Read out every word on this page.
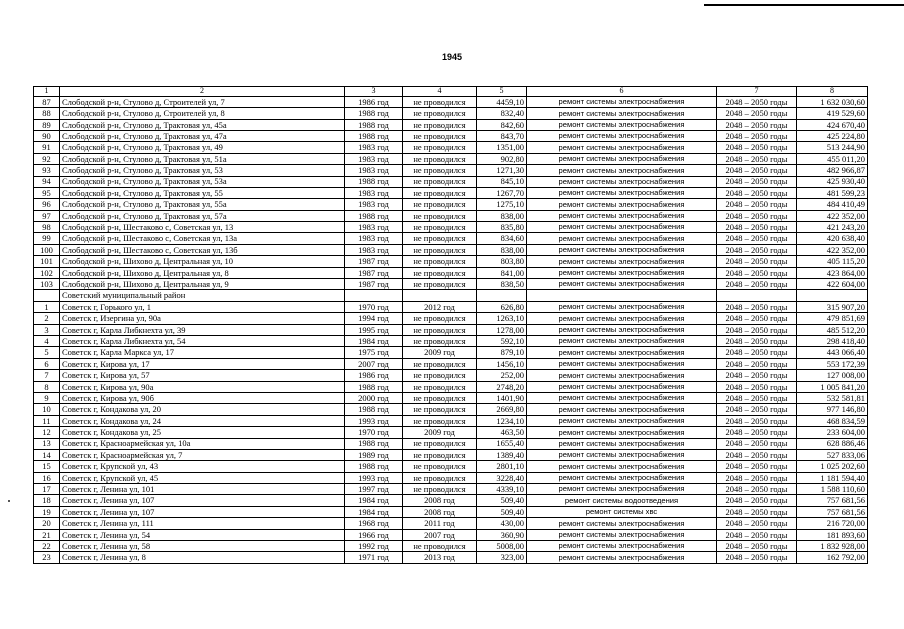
1945
1	2	3	4	5	6	7	8
87	Слободской р-н, Стулово д, Строителей ул, 7	1986 год	не проводился	4459,10	ремонт системы электроснабжения	2048 – 2050 годы	1 632 030,60
88	Слободской р-н, Стулово д, Строителей ул, 8	1988 год	не проводился	832,40	ремонт системы электроснабжения	2048 – 2050 годы	419 529,60
89	Слободской р-н, Стулово д, Трактовая ул, 45а	1988 год	не проводился	842,60	ремонт системы электроснабжения	2048 – 2050 годы	424 670,40
90	Слободской р-н, Стулово д, Трактовая ул, 47а	1988 год	не проводился	843,70	ремонт системы электроснабжения	2048 – 2050 годы	425 224,80
91	Слободской р-н, Стулово д, Трактовая ул, 49	1983 год	не проводился	1351,00	ремонт системы электроснабжения	2048 – 2050 годы	513 244,90
92	Слободской р-н, Стулово д, Трактовая ул, 51а	1983 год	не проводился	902,80	ремонт системы электроснабжения	2048 – 2050 годы	455 011,20
93	Слободской р-н, Стулово д, Трактовая ул, 53	1983 год	не проводился	1271,30	ремонт системы электроснабжения	2048 – 2050 годы	482 966,87
94	Слободской р-н, Стулово д, Трактовая ул, 53а	1988 год	не проводился	845,10	ремонт системы электроснабжения	2048 – 2050 годы	425 930,40
95	Слободской р-н, Стулово д, Трактовая ул, 55	1983 год	не проводился	1267,70	ремонт системы электроснабжения	2048 – 2050 годы	481 599,23
96	Слободской р-н, Стулово д, Трактовая ул, 55а	1983 год	не проводился	1275,10	ремонт системы электроснабжения	2048 – 2050 годы	484 410,49
97	Слободской р-н, Стулово д, Трактовая ул, 57а	1988 год	не проводился	838,00	ремонт системы электроснабжения	2048 – 2050 годы	422 352,00
98	Слободской р-н, Шестаково с, Советская ул, 13	1983 год	не проводился	835,80	ремонт системы электроснабжения	2048 – 2050 годы	421 243,20
99	Слободской р-н, Шестаково с, Советская ул, 13а	1983 год	не проводился	834,60	ремонт системы электроснабжения	2048 – 2050 годы	420 638,40
100	Слободской р-н, Шестаково с, Советская ул, 13б	1983 год	не проводился	838,00	ремонт системы электроснабжения	2048 – 2050 годы	422 352,00
101	Слободской р-н, Шихово д, Центральная ул, 10	1987 год	не проводился	803,80	ремонт системы электроснабжения	2048 – 2050 годы	405 115,20
102	Слободской р-н, Шихово д, Центральная ул, 8	1987 год	не проводился	841,00	ремонт системы электроснабжения	2048 – 2050 годы	423 864,00
103	Слободской р-н, Шихово д, Центральная ул, 9	1987 год	не проводился	838,50	ремонт системы электроснабжения	2048 – 2050 годы	422 604,00
	Советский муниципальный район						
1	Советск г, Горького ул, 1	1970 год	2012 год	626,80	ремонт системы электроснабжения	2048 – 2050 годы	315 907,20
2	Советск г, Изергина ул, 90а	1994 год	не проводился	1263,10	ремонт системы электроснабжения	2048 – 2050 годы	479 851,69
3	Советск г, Карла Либкнехта ул, 39	1995 год	не проводился	1278,00	ремонт системы электроснабжения	2048 – 2050 годы	485 512,20
4	Советск г, Карла Либкнехта ул, 54	1984 год	не проводился	592,10	ремонт системы электроснабжения	2048 – 2050 годы	298 418,40
5	Советск г, Карла Маркса ул, 17	1975 год	2009 год	879,10	ремонт системы электроснабжения	2048 – 2050 годы	443 066,40
6	Советск г, Кирова ул, 17	2007 год	не проводился	1456,10	ремонт системы электроснабжения	2048 – 2050 годы	553 172,39
7	Советск г, Кирова ул, 57	1986 год	не проводился	252,00	ремонт системы электроснабжения	2048 – 2050 годы	127 008,00
8	Советск г, Кирова ул, 90а	1988 год	не проводился	2748,20	ремонт системы электроснабжения	2048 – 2050 годы	1 005 841,20
9	Советск г, Кирова ул, 90б	2000 год	не проводился	1401,90	ремонт системы электроснабжения	2048 – 2050 годы	532 581,81
10	Советск г, Кондакова ул, 20	1988 год	не проводился	2669,80	ремонт системы электроснабжения	2048 – 2050 годы	977 146,80
11	Советск г, Кондакова ул, 24	1993 год	не проводился	1234,10	ремонт системы электроснабжения	2048 – 2050 годы	468 834,59
12	Советск г, Кондакова ул, 25	1970 год	2009 год	463,50	ремонт системы электроснабжения	2048 – 2050 годы	233 604,00
13	Советск г, Красноармейская ул, 10а	1988 год	не проводился	1655,40	ремонт системы электроснабжения	2048 – 2050 годы	628 886,46
14	Советск г, Красноармейская ул, 7	1989 год	не проводился	1389,40	ремонт системы электроснабжения	2048 – 2050 годы	527 833,06
15	Советск г, Крупской ул, 43	1988 год	не проводился	2801,10	ремонт системы электроснабжения	2048 – 2050 годы	1 025 202,60
16	Советск г, Крупской ул, 45	1993 год	не проводился	3228,40	ремонт системы электроснабжения	2048 – 2050 годы	1 181 594,40
17	Советск г, Ленина ул, 101	1997 год	не проводился	4339,10	ремонт системы электроснабжения	2048 – 2050 годы	1 588 110,60
18	Советск г, Ленина ул, 107	1984 год	2008 год	509,40	ремонт системы водоотведения	2048 – 2050 годы	757 681,56
19	Советск г, Ленина ул, 107	1984 год	2008 год	509,40	ремонт системы хвс	2048 – 2050 годы	757 681,56
20	Советск г, Ленина ул, 111	1968 год	2011 год	430,00	ремонт системы электроснабжения	2048 – 2050 годы	216 720,00
21	Советск г, Ленина ул, 54	1966 год	2007 год	360,90	ремонт системы электроснабжения	2048 – 2050 годы	181 893,60
22	Советск г, Ленина ул, 58	1992 год	не проводился	5008,00	ремонт системы электроснабжения	2048 – 2050 годы	1 832 928,00
23	Советск г, Ленина ул, 8	1971 год	2013 год	323,00	ремонт системы электроснабжения	2048 – 2050 годы	162 792,00
